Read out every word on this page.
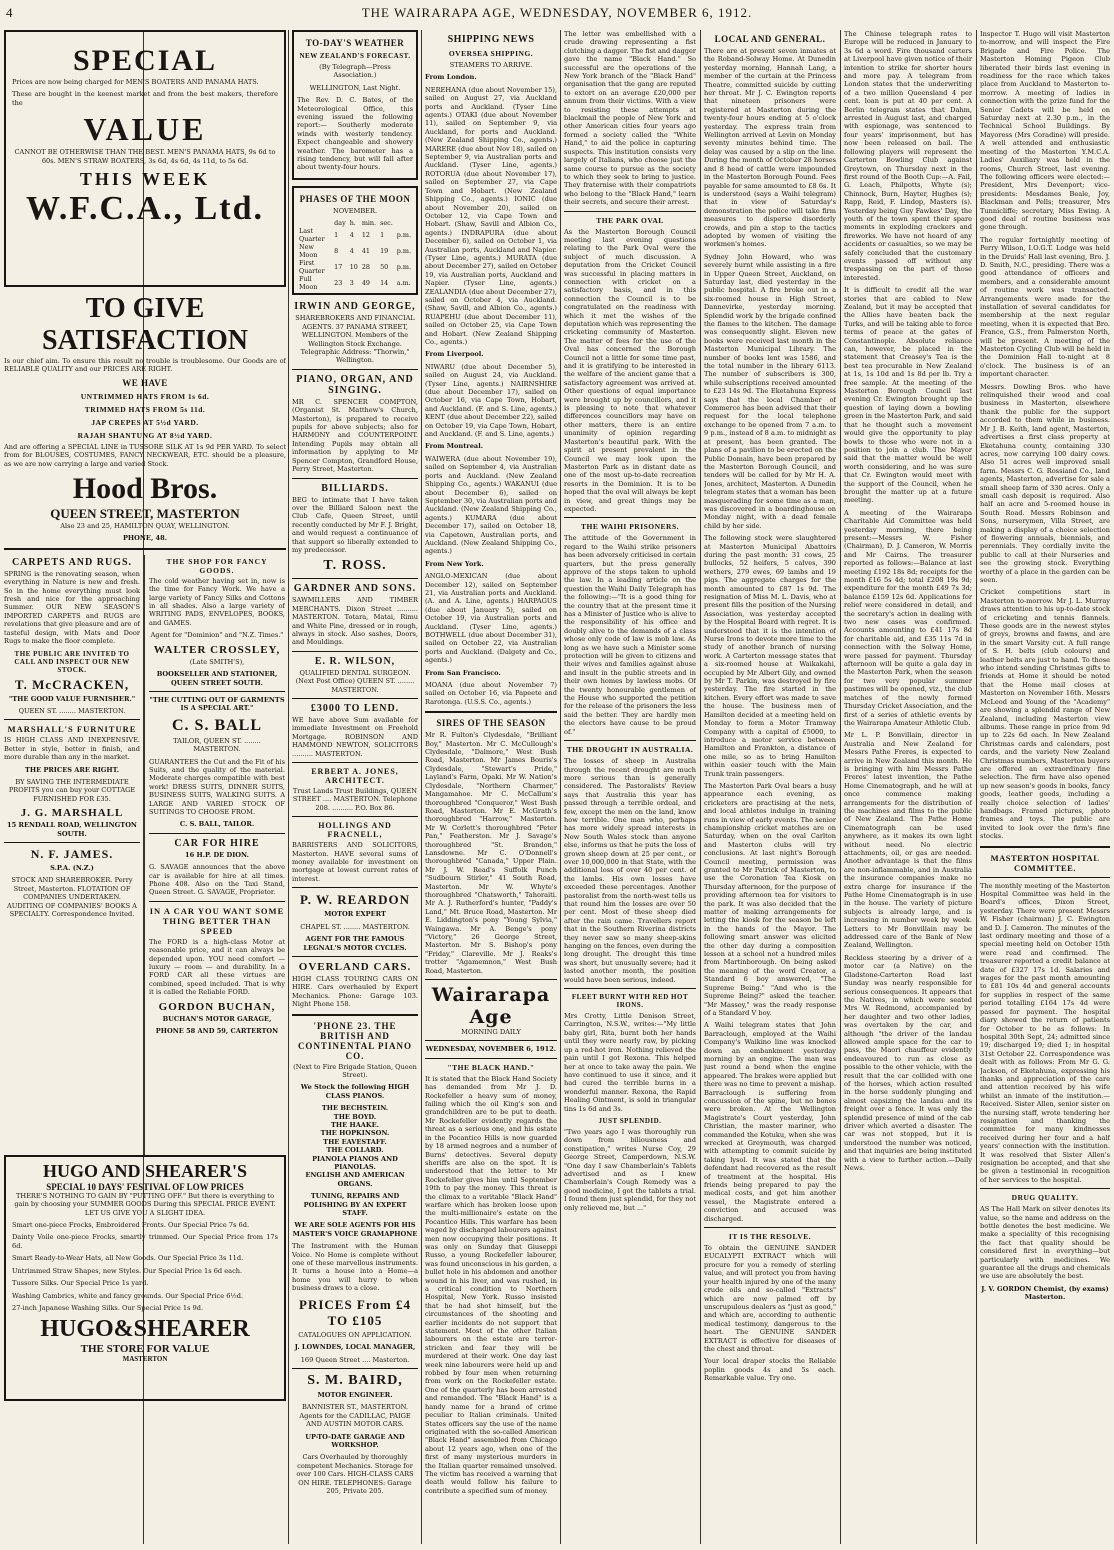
4	THE WAIRARAPA AGE, WEDNESDAY, NOVEMBER 6, 1912.
SPECIAL

Prices are now being charged for MEN'S BOATERS AND PANAMA HATS.

These are bought in the keenest market and from the best makers, therefore the

VALUE

CANNOT BE OTHERWISE THAN THE BEST. MEN'S PANAMA HATS, 9s 6d to 60s. MEN'S STRAW BOATERS, 3s 6d, 4s 6d, 4s 11d, to 5s 6d.

THIS WEEK
W.F.C.A., Ltd.
TO GIVE SATISFACTION

Is our chief aim. To ensure this result no trouble is troublesome. Our Goods are of RELIABLE QUALITY and our PRICES ARE RIGHT.

WE HAVE
UNTRIMMED HATS FROM 1s 6d.
TRIMMED HATS FROM 5s 11d.
JAP CREPES AT 5½d YARD.
RAJAH SHANTUNG AT 8½d YARD.

And are offering a SPECIAL LINE in TUSSORE SILK AT 1s 9d PER YARD. To select from for BLOUSES, COSTUMES, FANCY NECKWEAR, ETC. should be a pleasure, as we are now carrying a large and varied Stock.

Hood Bros.
QUEEN STREET, MASTERTON

Also 23 and 25, HAMILTON QUAY, WELLINGTON.

PHONE, 48.

CARPETS AND RUGS.

SPRING is the renovating season, when everything in Nature is new and fresh. So in the home everything must look fresh and nice for the approaching Summer. OUR NEW SEASON'S IMPORTED CARPETS and RUGS are revelations that give pleasure and are of tasteful design, with Mats and Door Rugs to make the floor complete.

THE PUBLIC ARE INVITED TO CALL AND INSPECT OUR NEW STOCK.
T. McCRACKEN,

"THE GOOD VALUE FURNISHER."

QUEEN ST. ........ MASTERTON.

MARSHALL'S FURNITURE

IS HIGH CLASS AND INEXPENSIVE. Better in style, better in finish, and more durable than any in the market.

THE PRICES ARE RIGHT.

BY SAVING THE INTERMEDIATE PROFITS you can buy your COTTAGE FURNISHED FOR £35.

J. G. MARSHALL

15 RENDALL ROAD, WELLINGTON SOUTH.

N. F. JAMES.

S.P.A. (N.Z.)

STOCK AND SHAREBROKER. Perry Street, Masterton. FLOTATION OF COMPANIES UNDERTAKEN. AUDITING OF COMPANIES' BOOKS A SPECIALTY. Correspondence Invited.

THE SHOP FOR FANCY GOODS.

The cold weather having set in, now is the time for Fancy Work. We have a large variety of Fancy Silks and Cottons in all shades. Also a large variety of WRITING PADS, ENVELOPES, BOOKS, and GAMES.

Agent for "Dominion" and "N.Z. Times."

WALTER CROSSLEY,

(Late SMITH'S),

BOOKSELLER AND STATIONER, QUEEN STREET SOUTH.

"THE CUTTING OUT OF GARMENTS IS A SPECIAL ART."

C. S. BALL

TAILOR, QUEEN ST. ........ MASTERTON.

GUARANTEES the Cut and the Fit of his Suits, and the quality of the material. Moderate charges compatible with best work! DRESS SUITS, DINNER SUITS, BUSINESS SUITS, WALKING SUITS. A LARGE AND VARIED STOCK OF SUITINGS TO CHOOSE FROM.

C. S. BALL, TAILOR.

CAR FOR HIRE

16 H.P. DE DION.

G. SAVAGE announces that the above car is available for hire at all times. Phone 408. Also on the Taxi Stand, Queen Street. G. SAVAGE, Proprietor.

IN A CAR YOU WANT SOME THING BETTER THAN SPEED

The FORD is a high-class Motor at reasonable price, and it can always be depended upon. YOU need comfort — luxury — room — and durability. In a FORD CAR all these virtues are combined, speed included. That is why it is called the Reliable FORD.

GORDON BUCHAN,

BUCHAN'S MOTOR GARAGE,

PHONE 58 AND 59, CARTERTON

HUGO AND SHEARER'S
SPECIAL 10 DAYS' FESTIVAL OF LOW PRICES

THERE'S NOTHING TO GAIN BY "PUTTING OFF." But there is everything to gain by choosing your SUMMER GOODS During this SPECIAL PRICE EVENT. LET US GIVE YOU A SLIGHT IDEA.

Smart one-piece Frocks, Embroidered Fronts. Our Special Price 7s 6d.

Dainty Voile one-piece Frocks, smartly trimmed. Our Special Price from 17s 6d.

Smart Ready-to-Wear Hats, all New Goods. Our Special Price 3s 11d.

Untrimmed Straw Shapes, new Styles. Our Special Price 1s 6d each.

Tussore Silks. Our Special Price 1s yard.

Washing Cambrics, white and fancy grounds. Our Special Price 6½d.

27-inch Japanese Washing Silks. Our Special Price 1s 9d.

HUGO&SHEARER
THE STORE FOR VALUE
MASTERTON
TO-DAY'S WEATHER
NEW ZEALAND'S FORECAST.

(By Telegraph—Press Association.)

WELLINGTON, Last Night.

The Rev. D. C. Bates, of the Meteorological Office, this evening issued the following report:— Southerly moderate winds with westerly tendency. Expect changeable and showery weather. The barometer has a rising tendency, but will fall after about twenty-four hours.

PHASES OF THE MOON

NOVEMBER.

	day	h.	min.	sec.	
Last Quarter	1	4	12	1	p.m.
New Moon	8	4	41	19	p.m.
First Quarter	17	10	28	50	p.m.
Full Moon	23	3	49	14	a.m.
IRWIN AND GEORGE,

SHAREBROKERS AND FINANCIAL AGENTS. 37 PANAMA STREET, WELLINGTON. Members of the Wellington Stock Exchange. Telegraphic Address: "Thorwin," Wellington.

PIANO, ORGAN, AND SINGING.

MR C. SPENCER COMPTON, (Organist St. Matthew's Church, Masterton), is prepared to receive pupils for above subjects; also for HARMONY and COUNTERPOINT. Intending Pupils may obtain all information by applying to Mr Spencer Compton, Grandford House, Perry Street, Masterton.

BILLIARDS.

BEG to intimate that I have taken over the Billiard Saloon next the Club Cafe, Queen Street, until recently conducted by Mr F. J. Bright, and would request a continuance of that support so liberally extended to my predecessor.

T. ROSS.
GARDNER AND SONS.

SAWMILLERS AND TIMBER MERCHANTS. Dixon Street .......... MASTERTON. Totara, Matai, Rimu and White Pine, dressed or in rough, always in stock. Also sashes, Doors, and Mouldings.

E. R. WILSON,

QUALIFIED DENTAL SURGEON. (Next Post Office) QUEEN ST. ........ MASTERTON.

£3000 TO LEND.

WE have above Sum available for immediate Investment on Freehold Mortgage. ROBINSON AND HAMMOND NEWTON, SOLICITORS .......... MASTERTON.

ERBERT A. JONES, ARCHITECT.

Trust Lands Trust Buildings, QUEEN STREET .... MASTERTON. Telephone 208. .......... P.O. Box 86.

HOLLINGS AND FRACNELL,

BARRISTERS AND SOLICITORS, Masterton. HAVE several sums of money available for investment on mortgage at lowest current rates of interest.

P. W. REARDON

MOTOR EXPERT

CHAPEL ST. ........ MASTERTON.

AGENT FOR THE FAMOUS LEGNAL'S MOTOR CYCLES.

OVERLAND CARS.

HIGH CLASS TOURING CARS ON HIRE. Cars overhauled by Expert Mechanics. Phone: Garage 103. Night Phone 158.

'PHONE 23. THE BRITISH AND CONTINENTAL PIANO CO.

(Next to Fire Brigade Station, Queen Street).

We Stock the following HIGH CLASS PIANOS.

THE BECHSTEIN.

THE BOYD.

THE HAAKE.

THE HOPKINSON.

THE EAVESTAFF.

THE COLLARD.

PIANOLA PIANOS AND PIANOLAS.

ENGLISH AND AMERICAN ORGANS.

TUNING, REPAIRS AND POLISHING BY AN EXPERT STAFF.

WE ARE SOLE AGENTS FOR HIS MASTER'S VOICE GRAMAPHONE

The Instrument with the Human Voice. No Home is complete without one of these marvellous instruments. It turns a house into a Home—a home you will hurry to when business draws to a close.

PRICES From £4 TO £105

CATALOGUES ON APPLICATION.

J. LOWNDES, LOCAL MANAGER,

169 Queen Street .... Masterton.

S. M. BAIRD,

MOTOR ENGINEER.

BANNISTER ST., MASTERTON. Agents for the CADILLAC, PAIGE AND AUSTIN MOTOR CARS.

UP-TO-DATE GARAGE AND WORKSHOP.

Cars Overhauled by thoroughly competent Mechanics. Storage for over 100 Cars. HIGH-CLASS CARS ON HIRE. TELEPHONES: Garage 205, Private 205.

SHIPPING NEWS
OVERSEA SHIPPING.

STEAMERS TO ARRIVE.

From London.

NEREHANA (due about November 15), sailed on August 27, via Auckland ports and Auckland. (Tyser Line agents.) OTAKI (due about November 11), sailed on September 9, via Auckland, for ports and Auckland. (New Zealand Shipping Co., agents.) MARERE (due about Nov 18), sailed on September 9, via Australian ports and Auckland. (Tyser Line, agents.) ROTORUA (due about November 17), sailed on September 27, via Cape Town and Hobart. (New Zealand Shipping Co., agents.) IONIC (due about November 20), sailed on October 12, via Cape Town and Hobart. (Shaw, Savill and Albion Co., agents.) INDRAPURA (due about December 6), sailed on October 1, via Australian ports, Auckland and Napier. (Tyser Line, agents.) MURATA (due about December 27), sailed on October 19, via Australian ports, Auckland and Napier. (Tyser Line, agents.) ZEALANDIA (due about December 27), sailed on October 4, via Auckland. (Shaw, Savill, and Albion Co., agents.) RUAPEHU (due about December 11), sailed on October 25, via Cape Town and Hobart. (New Zealand Shipping Co., agents.)

From Liverpool.

NIWARU (due about December 5), sailed on August 24, via Auckland. (Tyser Line, agents.) NAIRNSHIRE (due about December 17), sailed on October 16, via Cape Town, Hobart, and Auckland. (F. and S. Line, agents.) KENT (due about December 22), sailed on October 19, via Cape Town, Hobart, and Auckland. (F. and S. Line, agents.)

From Montreal.

WAIWERA (due about November 19), sailed on September 4, via Australian ports and Auckland. (New Zealand Shipping Co., agents.) WAKANUI (due about December 6), sailed on September 30, via Australian ports and Auckland. (New Zealand Shipping Co., agents.) KUMARA (due about December 17), sailed on October 18, via Capetown, Australian ports, and Auckland. (New Zealand Shipping Co., agents.)

From New York.

ANGLO-MEXICAN (due about December 12), sailed on September 21, via Australian ports and Auckland. (A. and A. Line, agents.) HARPAGUS (due about January 5), sailed on October 19, via Australian ports and Auckland. (Tyser Line, agents.) BOTHWELL (due about December 31), sailed on October 22, via Australian ports and Auckland. (Dalgety and Co., agents.)

From San Francisco.

MOANA (due about November 7) sailed on October 16, via Papeete and Rarotonga. (U.S.S. Co., agents.)

SIRES OF THE SEASON

Mr R. Fulton's Clydesdale, "Brilliant Boy," Masterton. Mr C. McCullough's Clydesdale, "Dalmore," West Bush Road, Masterton. Mr James Bouris's Clydesdale, "Stewart's Pride," Layland's Farm, Opaki. Mr W. Nation's Clydesdale, "Northern Charmer," Mangamahoe. Mr C. McCallum's thoroughbred "Conqueror," West Bush Road, Masterton. Mr E. McGrath's thoroughbred "Harrow," Masterton. Mr W. Corlett's thoroughbred "Peter Pan," Featherston. Mr J. Savage's thoroughbred "St. Brandon," Lansdowne. Mr C. O'Donnell's thoroughbred "Canada," Upper Plain. Mr J. W. Read's Suffolk Punch "Sudbourn Stirler," 41 South Road, Masterton. Mr W. Whyte's thoroughbred "Chatsworth," Tahoraiti. Mr A. J. Rutherford's hunter, "Paddy's Land," Mt. Bruce Road, Masterton. Mr E. Liddington's pony "Young Sylvia," Waingawa. Mr A. Benge's pony "Victory," 26 George Street, Masterton. Mr S. Bishop's pony "Friday," Clareville. Mr J. Reaks's trotter "Agamemnon," West Bush Road, Masterton.

Wairarapa Age

MORNING DAILY

WEDNESDAY, NOVEMBER 6, 1912.

"THE BLACK HAND."

It is stated that the Black Hand Society has demanded from Mr J. D. Rockefeller a heavy sum of money, failing which the oil King's son and grandchildren are to be put to death. Mr Rockefeller evidently regards the threat as a serious one, and his estate in the Pocantico Hills is now guarded by 18 armed negroes and a number of Burns' detectives. Several deputy sheriffs are also on the spot. It is understood that the letter to Mr Rockefeller gives him until September 19th to pay the money. This threat is the climax to a veritable "Black Hand" warfare which has broken loose upon the multi-millionaire's estate on the Pocantico Hills. This warfare has been waged by discharged labourers against men now occupying their positions. It was only on Sunday that Giuseppi Russo, a young Rockefeller labourer, was found unconscious in his garden, a bullet hole in his abdomen and another wound in his liver, and was rushed, in a critical condition to Northern Hospital, New York. Russo insisted that he had shot himself, but the circumstances of the shooting and earlier incidents do not support that statement. Most of the other Italian labourers on the estate are terror-stricken and fear they will be murdered at their work. One day last week nine labourers were held up and robbed by four men when returning from work on the Rockefeller estate. One of the quarterly has been arrested and remanded. The "Black Hand" is a handy name for a brand of crime peculiar to Italian criminals. United States officers say the use of the name originated with the so-called American "Black Hand" assembled from Chicago about 12 years ago, when one of the first of many mysterious murders in the Italian quarter remained unsolved. The victim has received a warning that death would follow his failure to contribute a specified sum of money.

The letter was embellished with a crude drawing representing a fist clutching a dagger. The fist and dagger gave the name "Black Hand." So successful are the operations of the New York branch of the "Black Hand" organisation that the gang are reputed to extort on an average £20,000 per annum from their victims. With a view to resisting these attempts at blackmail the people of New York and other American cities four years ago formed a society called the "White Hand," to aid the police in capturing suspects. This institution consists very largely of Italians, who choose just the same course to pursue as the society to which they seek to bring to justice. They fraternise with their compatriots who belong to the "Black Hand," learn their secrets, and secure their arrest.

THE PARK OVAL

As the Masterton Borough Council meeting last evening questions relating to the Park Oval were the subject of much discussion. A deputation from the Cricket Council was successful in placing matters in connection with cricket on a satisfactory basis, and in this connection the Council is to be congratulated on the readiness with which it met the wishes of the deputation which was representing the cricketing community of Masterton. The matter of fees for the use of the Oval has concerned the Borough Council not a little for some time past, and it is gratifying to be interested in the welfare of the ancient game that a satisfactory agreement was arrived at. Other questions of equal importance were brought up by councillors, and it is pleasing to note that whatever differences councillors may have on other matters, there is an entire unanimity of opinion regarding Masterton's beautiful park. With the spirit at present prevalent in the Council we may look upon the Masterton Park as in distant date as one of the most up-to-date recreation resorts in the Dominion. It is to be hoped that the oval will always be kept in view, and great things may be expected.

THE WAIHI PRISONERS.

The attitude of the Government in regard to the Waihi strike prisoners has been adversely criticised in certain quarters, but the press generally approve of the steps taken to uphold the law. In a leading article on the question the Waihi Daily Telegraph has the following:—"It is a good thing for the country that at the present time it has a Minister of Justice who is alive to the responsibility of his office and doubly alive to the demands of a class whose only code of law is mob law. As long as we have such a Minister some protection will be given to citizens and their wives and families against abuse and insult in the public streets and in their own homes by lawless mobs. Of the twenty honourable gentlemen of the House who supported the petition for the release of the prisoners the less said the better. They are hardly men the electors have cause to be proud of."

THE DROUGHT IN AUSTRALIA.

The losses of sheep in Australia through the recent drought are much more serious than is generally considered. The Pastoralists' Review says that Australia this year has passed through a terrible ordeal, and few, except the men on the land, know how terrible. One man who, perhaps has more widely spread interests in New South Wales stock than anyone else, informs us that he puts the loss of grown sheep down at 25 per cent., or over 10,000,000 in that State, with the additional loss of over 40 per cent. of the lambs. His own losses have exceeded these percentages. Another pastoralist from the north-west tells us that round him the losses are over 50 per cent. Most of these sheep died after the rain came. Travellers report that in the Southern Riverina districts they never saw so many sheep-skins hanging on the fences, even during the long drought. The drought this time was short, but unusually severe; had it lasted another month, the position would have been serious, indeed.

FLEET BURNT WITH RED HOT IRONS.

Mrs Crotty, Little Denison Street, Carrington, N.S.W., writes:—"My little baby girl, Rita, burnt both her hands until they were nearly raw, by picking up a red-hot iron. Nothing relieved the pain until I got Rexona. This helped her at once to take away the pain. We have continued to use it since, and it had cured the terrible burns in a wonderful manner. Rexona, the Rapid Healing Ointment, is sold in triangular tins 1s 6d and 3s.

JUST SPLENDID.

"Two years ago I was thoroughly run down from biliousness and constipation," writes Nurse Coy, 29 George Street, Camperdown, N.S.W. "One day I saw Chamberlain's Tablets advertised and as I knew Chamberlain's Cough Remedy was a good medicine, I got the tablets a trial. I found them just splendid, for they not only relieved me, but ..."

LOCAL AND GENERAL.

There are at present seven inmates at the Roband-Solway Home. At Dunedin yesterday morning, Hannah Lang, a member of the curtain at the Princess Theatre, committed suicide by cutting her throat. Mr J. C. Ewington reports that nineteen prisoners were registered at Masterton during the twenty-four hours ending at 5 o'clock yesterday. The express train from Wellington arrived at Levin on Monday seventy minutes behind time. The delay was caused by a slip on the line. During the month of October 28 horses and 8 head of cattle were impounded in the Masterton Borough Pound. Fees payable for same amounted to £8 6s. It is understood (says a Waihi telegram) that in view of Saturday's demonstration the police will take firm measures to disperse disorderly crowds, and pin a stop to the tactics adopted by women of visiting the workmen's homes.

Sydney John Howard, who was severely burnt while assisting in a fire in Upper Queen Street, Auckland, on Saturday last, died yesterday in the public hospital. A fire broke out in a six-roomed house in High Street, Dannevirke, yesterday morning. Splendid work by the brigade confined the flames to the kitchen. The damage was consequently slight. Eleven new books were received last month in the Masterton Municipal Library. The number of books lent was 1586, and the total number in the library 6113. The number of subscribers is 300, while subscriptions received amounted to £23 14s 9d. The Eketahuna Express says that the local Chamber of Commerce has been advised that their request for the local telephone exchange to be opened from 7 a.m. to 9 p.m., instead of 8 a.m. to midnight as at present, has been granted. The plans of a pavilion to be erected on the Public Domain, have been prepared by the Masterton Borough Council, and tenders will be called for by Mr H. A. Jones, architect, Masterton. A Dunedin telegram states that a woman has been masquerading for some time as a man, was discovered in a boardinghouse on Monday night, with a dead female child by her side.

The following stock were slaughtered at Masterton Municipal Abattoirs during the past month: 31 cows, 25 bullocks, 52 heifers, 5 calves, 390 wethers, 279 ewes, 69 lambs and 19 pigs. The aggregate charges for the month amounted to £87 1s 9d. The resignation of Miss M. L. Davis, who at present fills the position of the Nursing Association, was yesterday accepted by the Hospital Board with regret. It is understood that it is the intention of Nurse Irons to devote more time to the study of another branch of nursing work. A Carterton message states that a six-roomed house at Waikakahi, occupied by Mr Albert Gily, and owned by Mr T. Parkin, was destroyed by fire yesterday. The fire started in the kitchen. Every effort was made to save the house. The business men of Hamilton decided at a meeting held on Monday to form a Motor Tramway Company with a capital of £5000, to introduce a motor service between Hamilton and Frankton, a distance of one mile, so as to bring Hamilton within easier touch with the Main Trunk train passengers.

The Masterton Park Oval bears a busy appearance each evening, as cricketers are practising at the nets, and local athletes indulge in training runs in view of early events. The senior championship cricket matches are on Saturday, when on the oval Carlton and Masterton clubs will try conclusions. At last night's Borough Council meeting, permission was granted to Mr Patrick of Masterton, to use the Coronation Tea Kiosk on Thursday afternoon, for the purpose of providing afternoon tea for visitors to the park. It was also decided that the matter of making arrangements for letting the kiosk for the season be left in the hands of the Mayor. The following smart answer was elicited the other day during a composition lesson at a school not a hundred miles from Martinborough. On being asked the meaning of the word Creator, a Standard 6 boy answered, "The Supreme Being." "And who is the Supreme Being?" asked the teacher. "Mr Massey," was the ready response of a Standard V boy.

A Waihi telegram states that John Barraclough, employed at the Waihi Company's Waikino line was knocked down an embankment yesterday morning by an engine. The man was just round a bend when the engine appeared. The brakes were applied but there was no time to prevent a mishap. Barraclough is suffering from concussion of the spine, but no bones were broken. At the Wellington Magistrate's Court yesterday, John Christian, the master mariner, who commanded the Kotuku, when she was wrecked at Greymouth, was charged with attempting to commit suicide by taking lysol. It was stated that the defendant had recovered as the result of treatment at the hospital. His friends being prepared to pay the medical costs, and get him another vessel, the Magistrate entered a conviction and accused was discharged.

IT IS THE RESOLVE.

To obtain the GENUINE SANDER EUCALYPTI EXTRACT which will procure for you a remedy of sterling value, and will protect you from having your health injured by one of the many crude oils and so-called "Extracts" which are now palmed off by unscrupulous dealers as "just as good," and which are, according to authentic medical testimony, dangerous to the heart. The GENUINE SANDER EXTRACT is effective for diseases of the chest and throat.

Your local draper stocks the Reliable poplin goods 4s and 5s each. Remarkable value. Try one.

The Chinese telegraph rates to Europe will be reduced in January to 3s 6d a word. Fire thousand carters at Liverpool have given notice of their intention to strike for shorter hours and more pay. A telegram from London states that the underwriting of a two million Queensland 4 per cent. loan is put at 40 per cent. A Berlin telegram states that Dahm, arrested in August last, and charged with espionage, was sentenced to four years' imprisonment, but has now been released on bail. The following players will represent the Carterton Bowling Club against Greytown, on Thursday next in the first round of the Booth Cup:—A. Fail, G. Leach, Philpotts, Whyte (s); Chinnock, Burn, Hayter, Hughes (s); Rapp, Reid, F. Lindop, Masters (s). Yesterday being Guy Fawkes' Day, the youth of the town spent their spare moments in exploding crackers and fireworks. We have not heard of any accidents or casualties, so we may be safely concluded that the customary events passed off without any trespassing on the part of those interested.

It is difficult to credit all the war stories that are cabled to New Zealand, but it may be accepted that the Allies have beaten back the Turks, and will be taking able to force terms of peace at the gates of Constantinople. Absolute reliance can, however, be placed in the statement that Creasey's Tea is the best tea procurable in New Zealand at 1s, 1s 10d and 1s 8d per lb. Try a free sample. At the meeting of the Masterton Borough Council last evening Cr. Ewington brought up the question of laying down a bowling green in the Masterton Park, and said that he thought such a movement would give the opportunity to play bowls to those who were not in a position to join a club. The Mayor said that the matter would be well worth considering, and he was sure that Cr. Ewington would meet with the support of the Council, when he brought the matter up at a future meeting.

A meeting of the Wairarapa Charitable Aid Committee was held yesterday morning, there being present:—Messrs W. Fisher (Chairman), D. J. Cameron, W. Morris and Mr Cairns. The treasurer reported as follows:—Balance at last meeting £192 18s 8d; receipts for the month £16 5s 4d; total £208 19s 9d; expenditure for the month £49 7s 3d; balance £159 12s 6d. Applications for relief were considered in detail, and the secretary's action in dealing with two new cases was confirmed. Accounts amounting to £41 17s 8d for charitable aid, and £35 11s 7d in connection with the Solway Home, were passed for payment. Thursday afternoon will be quite a gala day in the Masterton Park, when the season for two very popular summer pastimes will be opened, viz., the club matches of the newly formed Thursday Cricket Association, and the first of a series of athletic events by the Wairarapa Amateur Athletic Club.

Mr L. P. Bonvillain, director in Australia and New Zealand for Messrs Pathe Freres, is expected to arrive in New Zealand this month. He is bringing with him Messrs Pathe Freres' latest invention, the Pathe Home Cinematograph, and he will at once commence making arrangements for the distribution of the machines and films to the public of New Zealand. The Pathe Home Cinematograph can be used anywhere, as it makes its own light without need. No electric attachments, oil, or gas are needed. Another advantage is that the films are non-inflammable, and in Australia the insurance companies make no extra charge for insurance if the Pathe Home Cinematograph is in use in the house. The variety of picture subjects is already large, and is increasing in number week by week. Letters to Mr Bonvillain may be addressed care of the Bank of New Zealand, Wellington.

Reckless steering by a driver of a motor car (a Native) on the Gladstone-Carterton Road last Sunday was nearly responsible for serious consequences. It appears that the Natives, in which were seated Mrs W. Redmond, accompanied by her daughter and two other ladies, was overtaken by the car, and although "the driver of the landau allowed ample space for the car to pass, the Maori chauffeur evidently endeavoured to run as close as possible to the other vehicle, with the result that the car collided with one of the horses, which action resulted in the horse suddenly plunging and almost capsizing the landau and its freight over a fence. It was only the splendid presence of mind of the cab driver which averted a disaster. The car was not stopped, but it is understood the number was noticed, and that inquiries are being instituted with a view to further action.—Daily News.

Inspector T. Hugo will visit Masterton to-morrow, and will inspect the Fire Brigade and Fire Police. The Masterton Homing Pigeon Club liberated their birds last evening in readiness for the race which takes place from Auckland to Masterton to-morrow. A meeting of ladies in connection with the prize fund for the Senior Cadets will be held on Saturday next at 2.30 p.m., in the Technical School Buildings. By Mayoress (Mrs Coradine) will preside. A well attended and enthusiastic meeting of the Masterton Y.M.C.A. Ladies' Auxiliary was held in the rooms, Church Street, last evening. The following officers were elected:—President, Mrs Devenport; vice-presidents: Mesdames Beale, Joy, Blackman and Pells; treasurer, Mrs Tunnicliffe; secretary, Miss Ewing. A good deal of routine business was gone through.

The regular fortnightly meeting of Perry Wilson, I.O.G.T. Lodge was held in the Druids' Hall last evening, Bro. J. D. Smith, N.C., presiding. There was a good attendance of officers and members, and a considerable amount of routine work was transacted. Arrangements were made for the installation of several candidates for membership at the next regular meeting, when it is expected that Bro. France, G.S., from Palmerston North, will be present. A meeting of the Masterton Cycling Club will be held in the Dominion Hall to-night at 8 o'clock. The business is of an important character.

Messrs. Dowling Bros. who have relinquished their wood and coal business in Masterton, elsewhere thank the public for the support accorded to them while in business. Mr J. B. Keith, land agent, Masterton, advertises a first class property at Eketahuna county, containing 330 acres, now carrying 100 dairy cows. Also 51 acres well improved small farm. Messrs C. G. Rossiand Co., land agents, Masterton, advertise for sale a small sheep farm of 330 acres. Only a small cash deposit is required. Also half an acre and 5-roomed house in South Road. Messrs Robinson and Sons, nurserymen, Villa Street, are making a display of a choice selection of flowering annuals, biennials, and perennials. They cordially invite the public to call at their Nurseries and see the growing stock. Everything worthy of a place in the garden can be seen.

Cricket competitions start in Masterton to-morrow. Mr J. L. Murray draws attention to his up-to-date stock of cricketing and tennis flannels. These goods are in the newest styles of greys, browns and fawns, and are in the smart Varsity cut. A full range of S. H. belts (club colours) and leather belts are just to hand. To those who intend sending Christmas gifts to friends at Home it should be noted that the Home mail closes at Masterton on November 16th. Messrs McLeod and Young of the "Academy" are showing a splendid range of New Zealand, including Masterton view albums. These range in price from 9d up to 22s 6d each. In New Zealand Christmas cards and calendars, post cards, and the variety New Zealand Christmas numbers, Masterton buyers are offered an extraordinary fine selection. The firm have also opened up new season's goods in books, fancy goods, leather goods, including a really choice selection of ladies' handbags. Framed pictures, photo frames and toys. The public are invited to look over the firm's fine stocks.

MASTERTON HOSPITAL COMMITTEE.

The monthly meeting of the Masterton Hospital Committee was held in the Board's offices, Dixon Street, yesterday. There were present Messrs W. Fisher (chairman) J. C. Ewington and D. J. Cameron. The minutes of the last ordinary meeting and those of a special meeting held on October 15th were read and confirmed. The treasurer reported a credit balance at date of £327 17s 1d. Salaries and wages for the past month amounting to £81 10s 4d and general accounts for supplies in respect of the same period totalling £164 17s 4d were passed for payment. The hospital diary showed the return of patients for October to be as follows: In hospital 30th Sept, 24; admitted since 19; discharged 19; died 1; in hospital 31st October 22. Correspondence was dealt with as follows: From Mr G. G. Jackson, of Eketahuna, expressing his thanks and appreciation of the care and attention received by his wife whilst an inmate of the institution.—Received. Sister Allen, senior sister on the nursing staff, wrote tendering her resignation and thanking the committee for many kindnesses received during her four and a half years' connection with the institution. It was resolved that Sister Allen's resignation be accepted, and that she be given a testimonial in recognition of her services to the hospital.

DRUG QUALITY.

AS The Hall Mark on silver denotes its value, so the name and address on the bottle denotes the best medicine. We make a speciality of this recognising the fact that quality should be considered first in everything—but particularly with medicines. We guarantee all the drugs and chemicals we use are absolutely the best.

J. V. GORDON Chemist, (by exams) Masterton.
